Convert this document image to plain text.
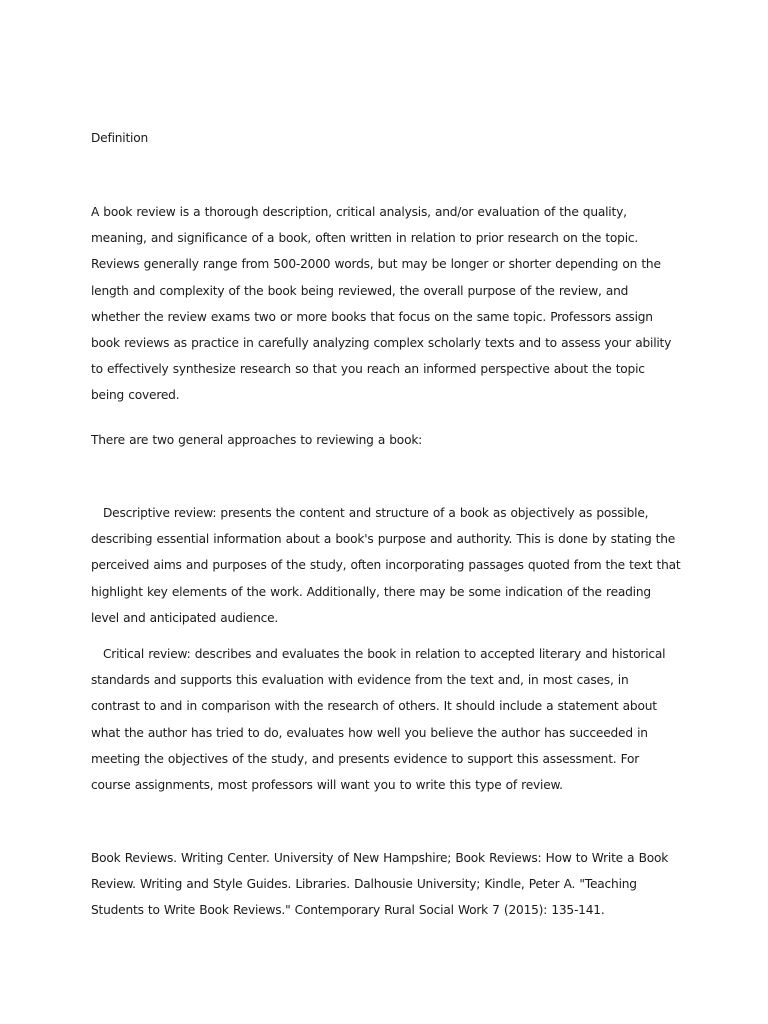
Definition
A book review is a thorough description, critical analysis, and/or evaluation of the quality, meaning, and significance of a book, often written in relation to prior research on the topic. Reviews generally range from 500-2000 words, but may be longer or shorter depending on the length and complexity of the book being reviewed, the overall purpose of the review, and whether the review exams two or more books that focus on the same topic. Professors assign book reviews as practice in carefully analyzing complex scholarly texts and to assess your ability to effectively synthesize research so that you reach an informed perspective about the topic being covered.
There are two general approaches to reviewing a book:
Descriptive review: presents the content and structure of a book as objectively as possible, describing essential information about a book's purpose and authority. This is done by stating the perceived aims and purposes of the study, often incorporating passages quoted from the text that highlight key elements of the work. Additionally, there may be some indication of the reading level and anticipated audience.
Critical review: describes and evaluates the book in relation to accepted literary and historical standards and supports this evaluation with evidence from the text and, in most cases, in contrast to and in comparison with the research of others. It should include a statement about what the author has tried to do, evaluates how well you believe the author has succeeded in meeting the objectives of the study, and presents evidence to support this assessment. For course assignments, most professors will want you to write this type of review.
Book Reviews. Writing Center. University of New Hampshire; Book Reviews: How to Write a Book Review. Writing and Style Guides. Libraries. Dalhousie University; Kindle, Peter A. "Teaching Students to Write Book Reviews." Contemporary Rural Social Work 7 (2015): 135-141.
